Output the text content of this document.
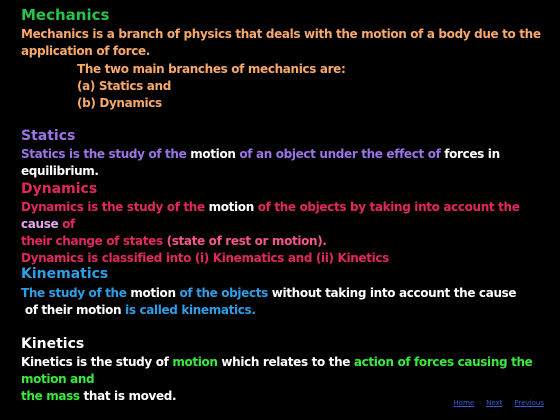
Mechanics
Mechanics is a branch of physics that deals with the motion of a body due to the
application of force.
The two main branches of mechanics are:
(a) Statics and
(b) Dynamics
Statics
Statics is the study of the motion of an object under the effect of forces in equilibrium.
Dynamics
Dynamics is the study of the motion of the objects by taking into account the cause of
their change of states (state of rest or motion).
Dynamics is classified into (i) Kinematics and (ii) Kinetics
Kinematics
The study of the motion of the objects without taking into account the cause
of their motion is called kinematics.
Kinetics
Kinetics is the study of motion which relates to the action of forces causing the motion and
the mass that is moved.	Home Next Previous
